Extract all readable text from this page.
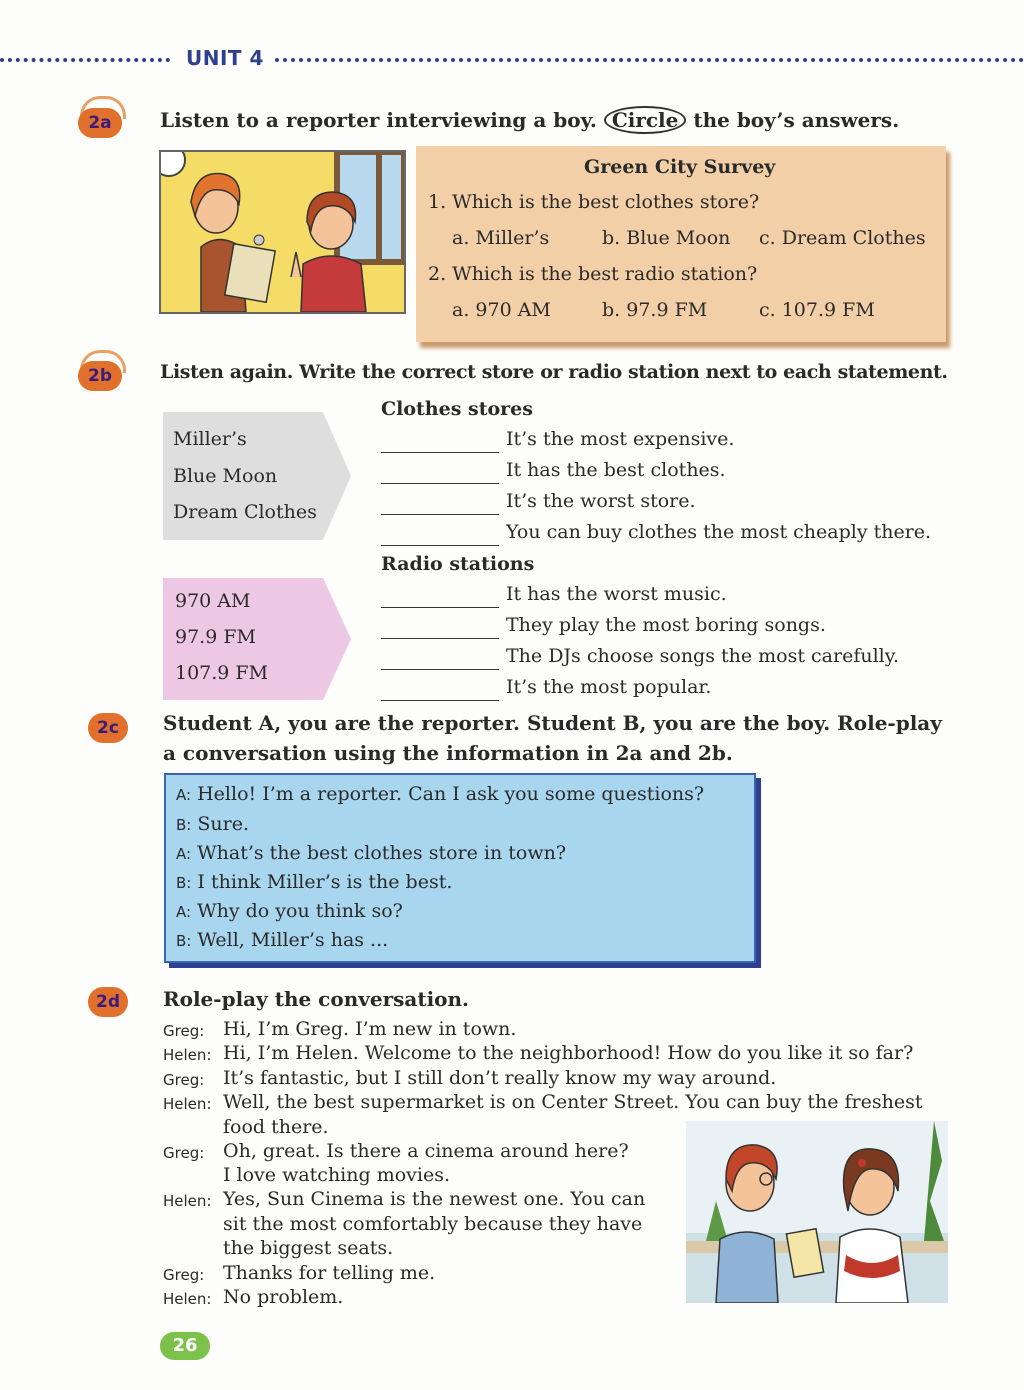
UNIT 4
2a	Listen to a reporter interviewing a boy. Circle the boy’s answers.
Green City Survey
1. Which is the best clothes store?
a. Miller’s	b. Blue Moon c. Dream Clothes
2. Which is the best radio station?
a. 970 AM	b. 97.9 FM	c. 107.9 FM
2b	Listen again. Write the correct store or radio station next to each statement.
Miller’s
Blue Moon
Dream Clothes
970 AM
97.9 FM
107.9 FM
Clothes stores
It’s the most expensive.
It has the best clothes.
It’s the worst store.
You can buy clothes the most cheaply there.
Radio stations
It has the worst music.
They play the most boring songs.
The DJs choose songs the most carefully.
It’s the most popular.
2c	Student A, you are the reporter. Student B, you are the boy. Role-play
a conversation using the information in 2a and 2b.
A: Hello! I’m a reporter. Can I ask you some questions?
B: Sure.
A: What’s the best clothes store in town?
B: I think Miller’s is the best.
A: Why do you think so?
B: Well, Miller’s has ...
2d	Role-play the conversation.
Greg: Hi, I’m Greg. I’m new in town.
Helen: Hi, I’m Helen. Welcome to the neighborhood! How do you like it so far?
Greg: It’s fantastic, but I still don’t really know my way around.
Helen: Well, the best supermarket is on Center Street. You can buy the freshest
food there.
Greg: Oh, great. Is there a cinema around here?
I love watching movies.
Helen: Yes, Sun Cinema is the newest one. You can
sit the most comfortably because they have
the biggest seats.
Greg: Thanks for telling me.
Helen: No problem.
26
